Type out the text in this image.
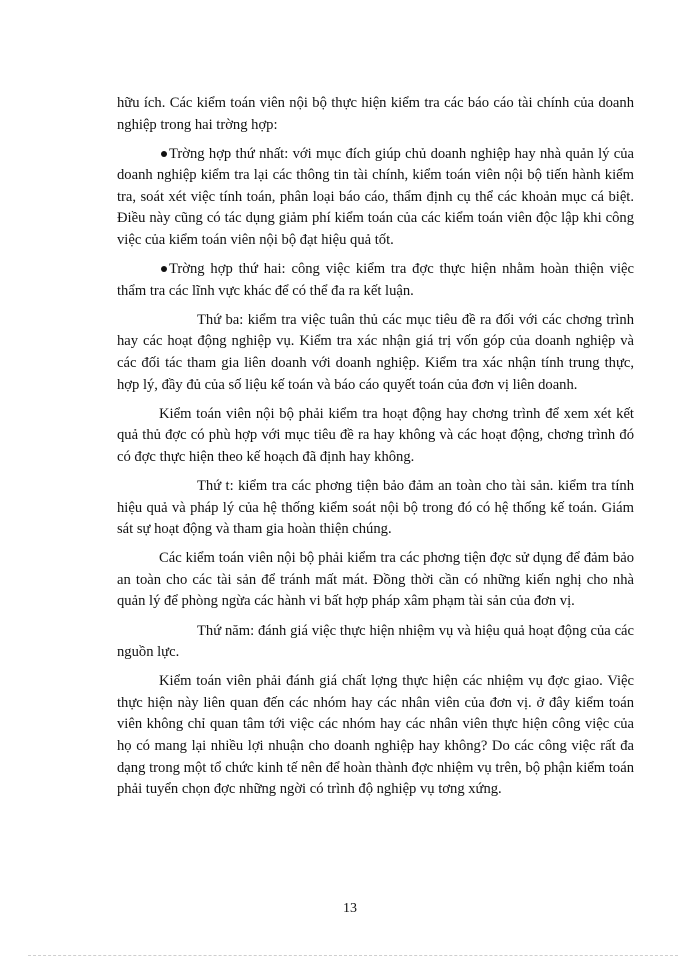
hữu ích. Các kiểm toán viên nội bộ thực hiện kiểm tra các báo cáo tài chính của doanh nghiệp trong hai trờng hợp:

Trờng hợp thứ nhất: với mục đích giúp chủ doanh nghiệp hay nhà quản lý của doanh nghiệp kiểm tra lại các thông tin tài chính, kiểm toán viên nội bộ tiến hành kiểm tra, soát xét việc tính toán, phân loại báo cáo, thẩm định cụ thể các khoản mục cá biệt. Điều này cũng có tác dụng giảm phí kiểm toán của các kiểm toán viên độc lập khi công việc của kiểm toán viên nội bộ đạt hiệu quả tốt.

Trờng hợp thứ hai: công việc kiểm tra đợc thực hiện nhằm hoàn thiện việc thẩm tra các lĩnh vực khác để có thể đa ra kết luận.

Thứ ba: kiểm tra việc tuân thủ các mục tiêu đề ra đối với các chơng trình hay các hoạt động nghiệp vụ. Kiểm tra xác nhận giá trị vốn góp của doanh nghiệp và các đối tác tham gia liên doanh với doanh nghiệp. Kiểm tra xác nhận tính trung thực, hợp lý, đầy đủ của số liệu kế toán và báo cáo quyết toán của đơn vị liên doanh.

Kiểm toán viên nội bộ phải kiểm tra hoạt động hay chơng trình để xem xét kết quả thủ đợc có phù hợp với mục tiêu đề ra hay không và các hoạt động, chơng trình đó có đợc thực hiện theo kế hoạch đã định hay không.

Thứ t: kiểm tra các phơng tiện bảo đảm an toàn cho tài sản. kiểm tra tính hiệu quả và pháp lý của hệ thống kiểm soát nội bộ trong đó có hệ thống kế toán. Giám sát sự hoạt động và tham gia hoàn thiện chúng.

Các kiểm toán viên nội bộ phải kiểm tra các phơng tiện đợc sử dụng để đảm bảo an toàn cho các tài sản để tránh mất mát. Đồng thời cần có những kiến nghị cho nhà quản lý để phòng ngừa các hành vi bất hợp pháp xâm phạm tài sản của đơn vị.

Thứ năm: đánh giá việc thực hiện nhiệm vụ và hiệu quả hoạt động của các nguồn lực.

Kiểm toán viên phải đánh giá chất lợng thực hiện các nhiệm vụ đợc giao. Việc thực hiện này liên quan đến các nhóm hay các nhân viên của đơn vị. ở đây kiểm toán viên không chỉ quan tâm tới việc các nhóm hay các nhân viên thực hiện công việc của họ có mang lại nhiều lợi nhuận cho doanh nghiệp hay không? Do các công việc rất đa dạng trong một tổ chức kinh tế nên để hoàn thành đợc nhiệm vụ trên, bộ phận kiểm toán phải tuyển chọn đợc những ngời có trình độ nghiệp vụ tơng xứng.

13
